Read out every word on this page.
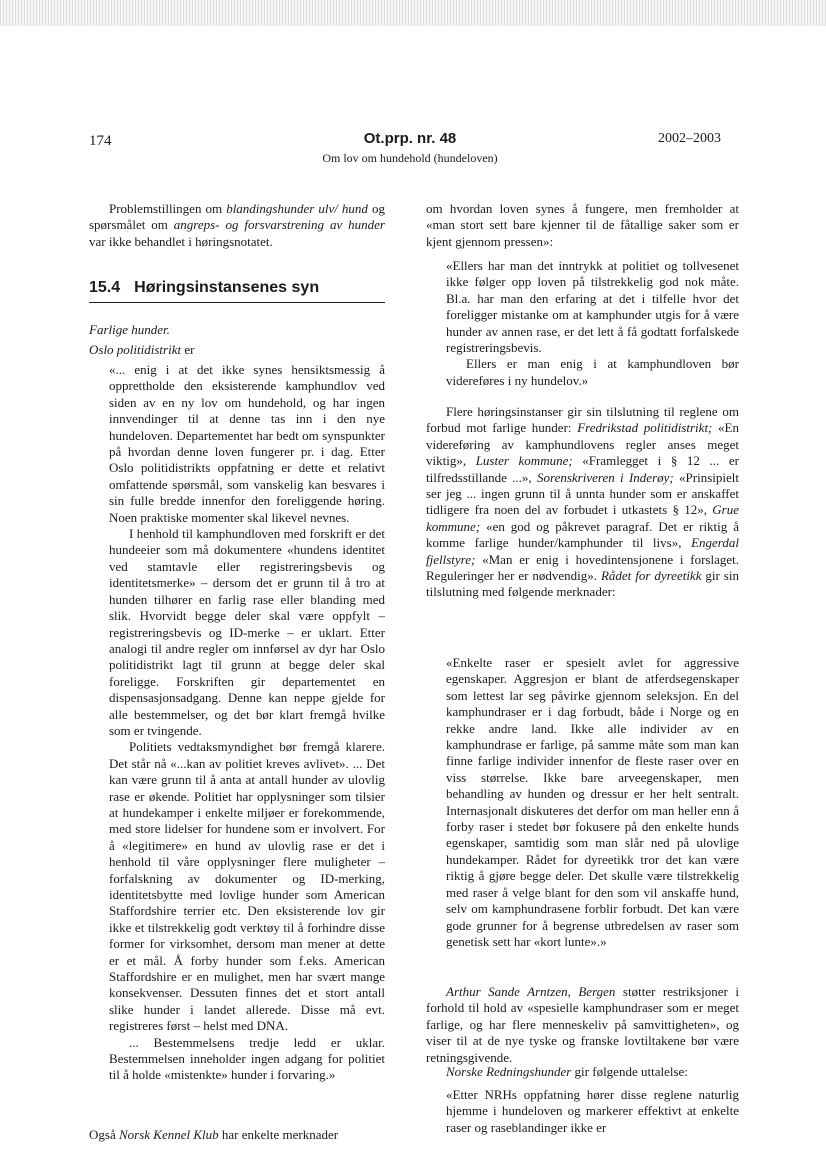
174	Ot.prp. nr. 48
Om lov om hundehold (hundeloven)
2002–2003

Problemstillingen om blandingshunder ulv/ hund og spørsmålet om angreps- og forsvarstrening av hunder var ikke behandlet i høringsnotatet.

15.4 Høringsinstansenes syn

Farlige hunder.

Oslo politidistrikt er

«... enig i at det ikke synes hensiktsmessig å opprettholde den eksisterende kamphundlov ved siden av en ny lov om hundehold, og har ingen innvendinger til at denne tas inn i den nye hundeloven. Departementet har bedt om synspunkter på hvordan denne loven fungerer pr. i dag. Etter Oslo politidistrikts oppfatning er dette et relativt omfattende spørsmål, som vanskelig kan besvares i sin fulle bredde innenfor den foreliggende høring. Noen praktiske momenter skal likevel nevnes.

I henhold til kamphundloven med forskrift er det hundeeier som må dokumentere «hundens identitet ved stamtavle eller registreringsbevis og identitetsmerke» – dersom det er grunn til å tro at hunden tilhører en farlig rase eller blanding med slik. Hvorvidt begge deler skal være oppfylt – registreringsbevis og ID-merke – er uklart. Etter analogi til andre regler om innførsel av dyr har Oslo politidistrikt lagt til grunn at begge deler skal foreligge. Forskriften gir departementet en dispensasjonsadgang. Denne kan neppe gjelde for alle bestemmelser, og det bør klart fremgå hvilke som er tvingende.

Politiets vedtaksmyndighet bør fremgå klarere. Det står nå «...kan av politiet kreves avlivet». ... Det kan være grunn til å anta at antall hunder av ulovlig rase er økende. Politiet har opplysninger som tilsier at hundekamper i enkelte miljøer er forekommende, med store lidelser for hundene som er involvert. For å «legitimere» en hund av ulovlig rase er det i henhold til våre opplysninger flere muligheter – forfalskning av dokumenter og ID-merking, identitetsbytte med lovlige hunder som American Staffordshire terrier etc. Den eksisterende lov gir ikke et tilstrekkelig godt verktøy til å forhindre disse former for virksomhet, dersom man mener at dette er et mål. Å forby hunder som f.eks. American Staffordshire er en mulighet, men har svært mange konsekvenser. Dessuten finnes det et stort antall slike hunder i landet allerede. Disse må evt. registreres først – helst med DNA.

... Bestemmelsens tredje ledd er uklar. Bestemmelsen inneholder ingen adgang for politiet til å holde «mistenkte» hunder i forvaring.»

Også Norsk Kennel Klub har enkelte merknader

om hvordan loven synes å fungere, men fremholder at «man stort sett bare kjenner til de fåtallige saker som er kjent gjennom pressen»:

«Ellers har man det inntrykk at politiet og tollvesenet ikke følger opp loven på tilstrekkelig god nok måte. Bl.a. har man den erfaring at det i tilfelle hvor det foreligger mistanke om at kamphunder utgis for å være hunder av annen rase, er det lett å få godtatt forfalskede registreringsbevis.

Ellers er man enig i at kamphundloven bør videreføres i ny hundelov.»

Flere høringsinstanser gir sin tilslutning til reglene om forbud mot farlige hunder: Fredrikstad politidistrikt; «En videreføring av kamphundlovens regler anses meget viktig», Luster kommune; «Framlegget i § 12 ... er tilfredsstillande ...», Sorenskriveren i Inderøy; «Prinsipielt ser jeg ... ingen grunn til å unnta hunder som er anskaffet tidligere fra noen del av forbudet i utkastets § 12», Grue kommune; «en god og påkrevet paragraf. Det er riktig å komme farlige hunder/kamphunder til livs», Engerdal fjellstyre; «Man er enig i hovedintensjonene i forslaget. Reguleringer her er nødvendig». Rådet for dyreetikk gir sin tilslutning med følgende merknader:

«Enkelte raser er spesielt avlet for aggressive egenskaper. Aggresjon er blant de atferdsegenskaper som lettest lar seg påvirke gjennom seleksjon. En del kamphundraser er i dag forbudt, både i Norge og en rekke andre land. Ikke alle individer av en kamphundrase er farlige, på samme måte som man kan finne farlige individer innenfor de fleste raser over en viss størrelse. Ikke bare arveegenskaper, men behandling av hunden og dressur er her helt sentralt. Internasjonalt diskuteres det derfor om man heller enn å forby raser i stedet bør fokusere på den enkelte hunds egenskaper, samtidig som man slår ned på ulovlige hundekamper. Rådet for dyreetikk tror det kan være riktig å gjøre begge deler. Det skulle være tilstrekkelig med raser å velge blant for den som vil anskaffe hund, selv om kamphundrasene forblir forbudt. Det kan være gode grunner for å begrense utbredelsen av raser som genetisk sett har «kort lunte».»

Arthur Sande Arntzen, Bergen støtter restriksjoner i forhold til hold av «spesielle kamphundraser som er meget farlige, og har flere menneskeliv på samvittigheten», og viser til at de nye tyske og franske lovtiltakene bør være retningsgivende.

Norske Redningshunder gir følgende uttalelse:

«Etter NRHs oppfatning hører disse reglene naturlig hjemme i hundeloven og markerer effektivt at enkelte raser og raseblandinger ikke er
